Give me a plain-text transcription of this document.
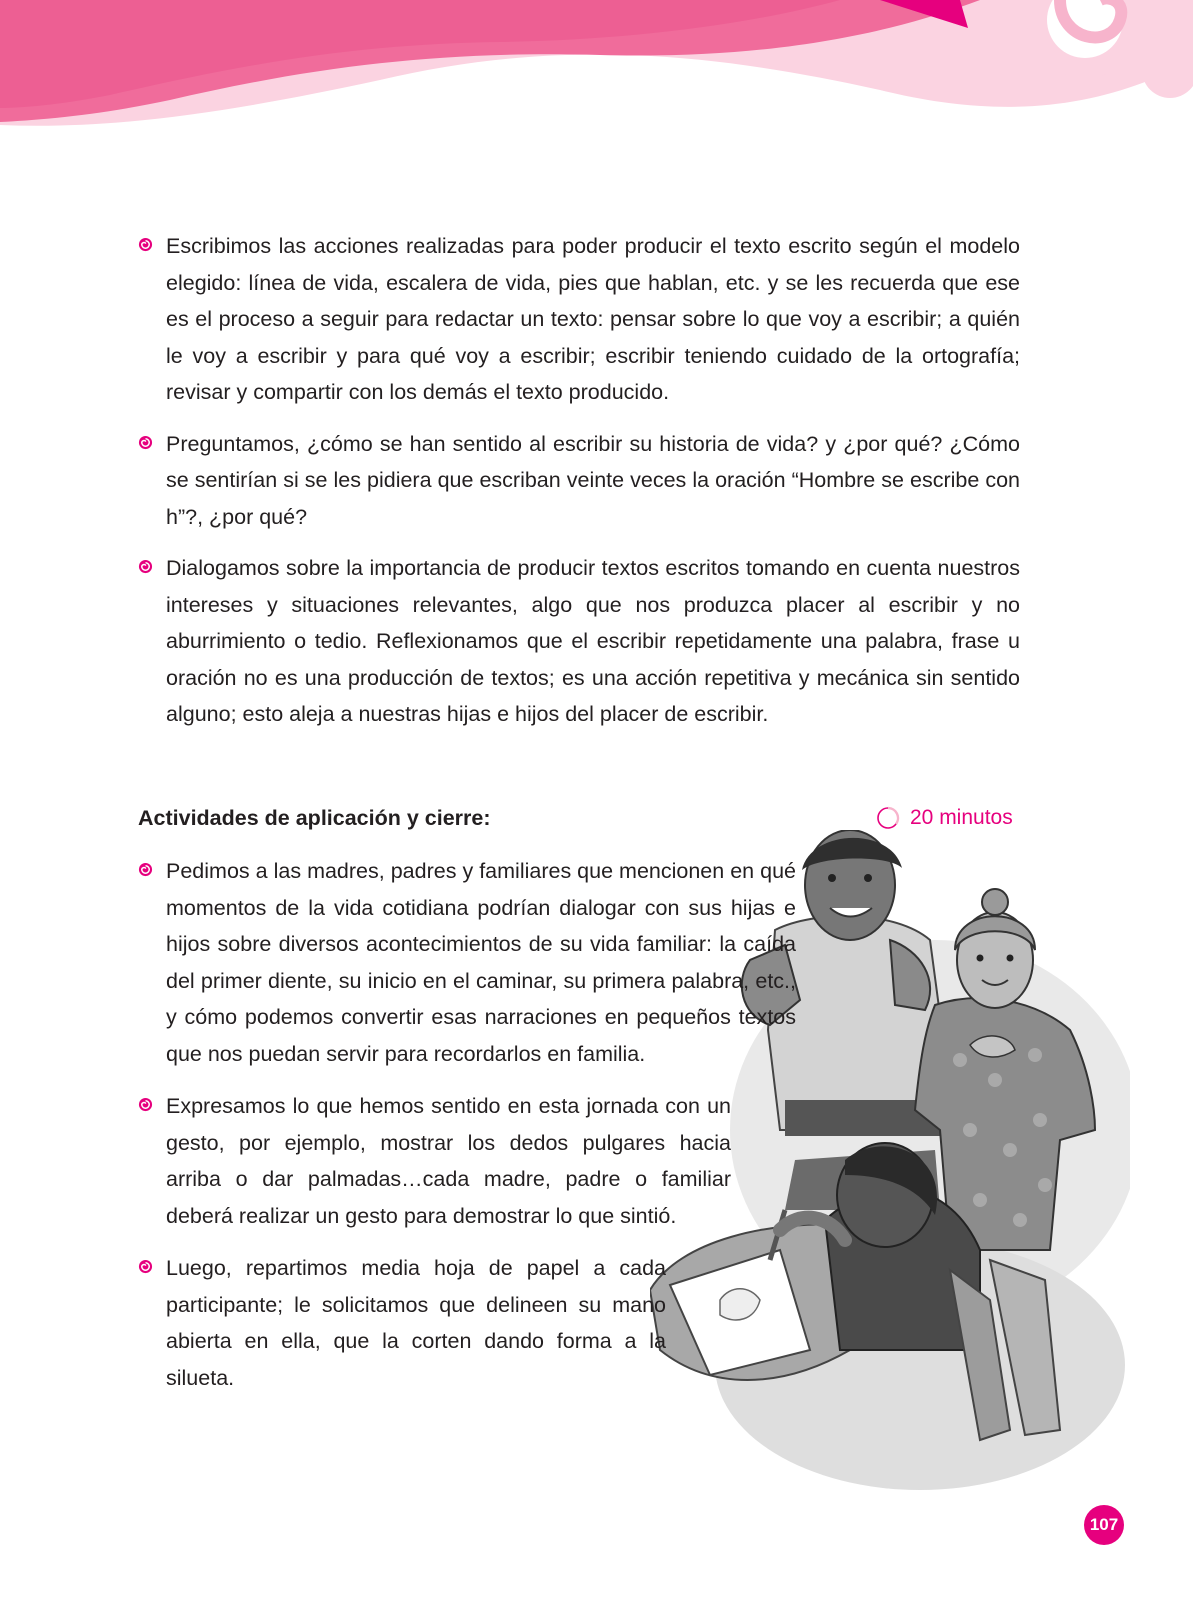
Escribimos las acciones realizadas para poder producir el texto escrito según el modelo elegido: línea de vida, escalera de vida, pies que hablan, etc. y se les recuerda que ese es el proceso a seguir para redactar un texto: pensar sobre lo que voy a escribir; a quién le voy a escribir y para qué voy a escribir; escribir teniendo cuidado de la ortografía; revisar y compartir con los demás el texto producido.
Preguntamos, ¿cómo se han sentido al escribir su historia de vida? y ¿por qué? ¿Cómo se sentirían si se les pidiera que escriban veinte veces la oración “Hombre se escribe con h”?, ¿por qué?
Dialogamos sobre la importancia de producir textos escritos tomando en cuenta nuestros intereses y situaciones relevantes, algo que nos produzca placer al escribir y no aburrimiento o tedio. Reflexionamos que el escribir repetidamente una palabra, frase u oración no es una producción de textos; es una acción repetitiva y mecánica sin sentido alguno; esto aleja a nuestras hijas e hijos del placer de escribir.
Actividades de aplicación y cierre:	20 minutos
Pedimos a las madres, padres y familiares que mencionen en qué momentos de la vida cotidiana podrían dialogar con sus hijas e hijos sobre diversos acontecimientos de su vida familiar: la caída del primer diente, su inicio en el caminar, su primera palabra, etc., y cómo podemos convertir esas narraciones en pequeños textos que nos puedan servir para recordarlos en familia.
Expresamos lo que hemos sentido en esta jornada con un gesto, por ejemplo, mostrar los dedos pulgares hacia arriba o dar palmadas…cada madre, padre o familiar deberá realizar un gesto para demostrar lo que sintió.
Luego, repartimos media hoja de papel a cada participante; le solicitamos que delineen su mano abierta en ella, que la corten dando forma a la silueta.
107
